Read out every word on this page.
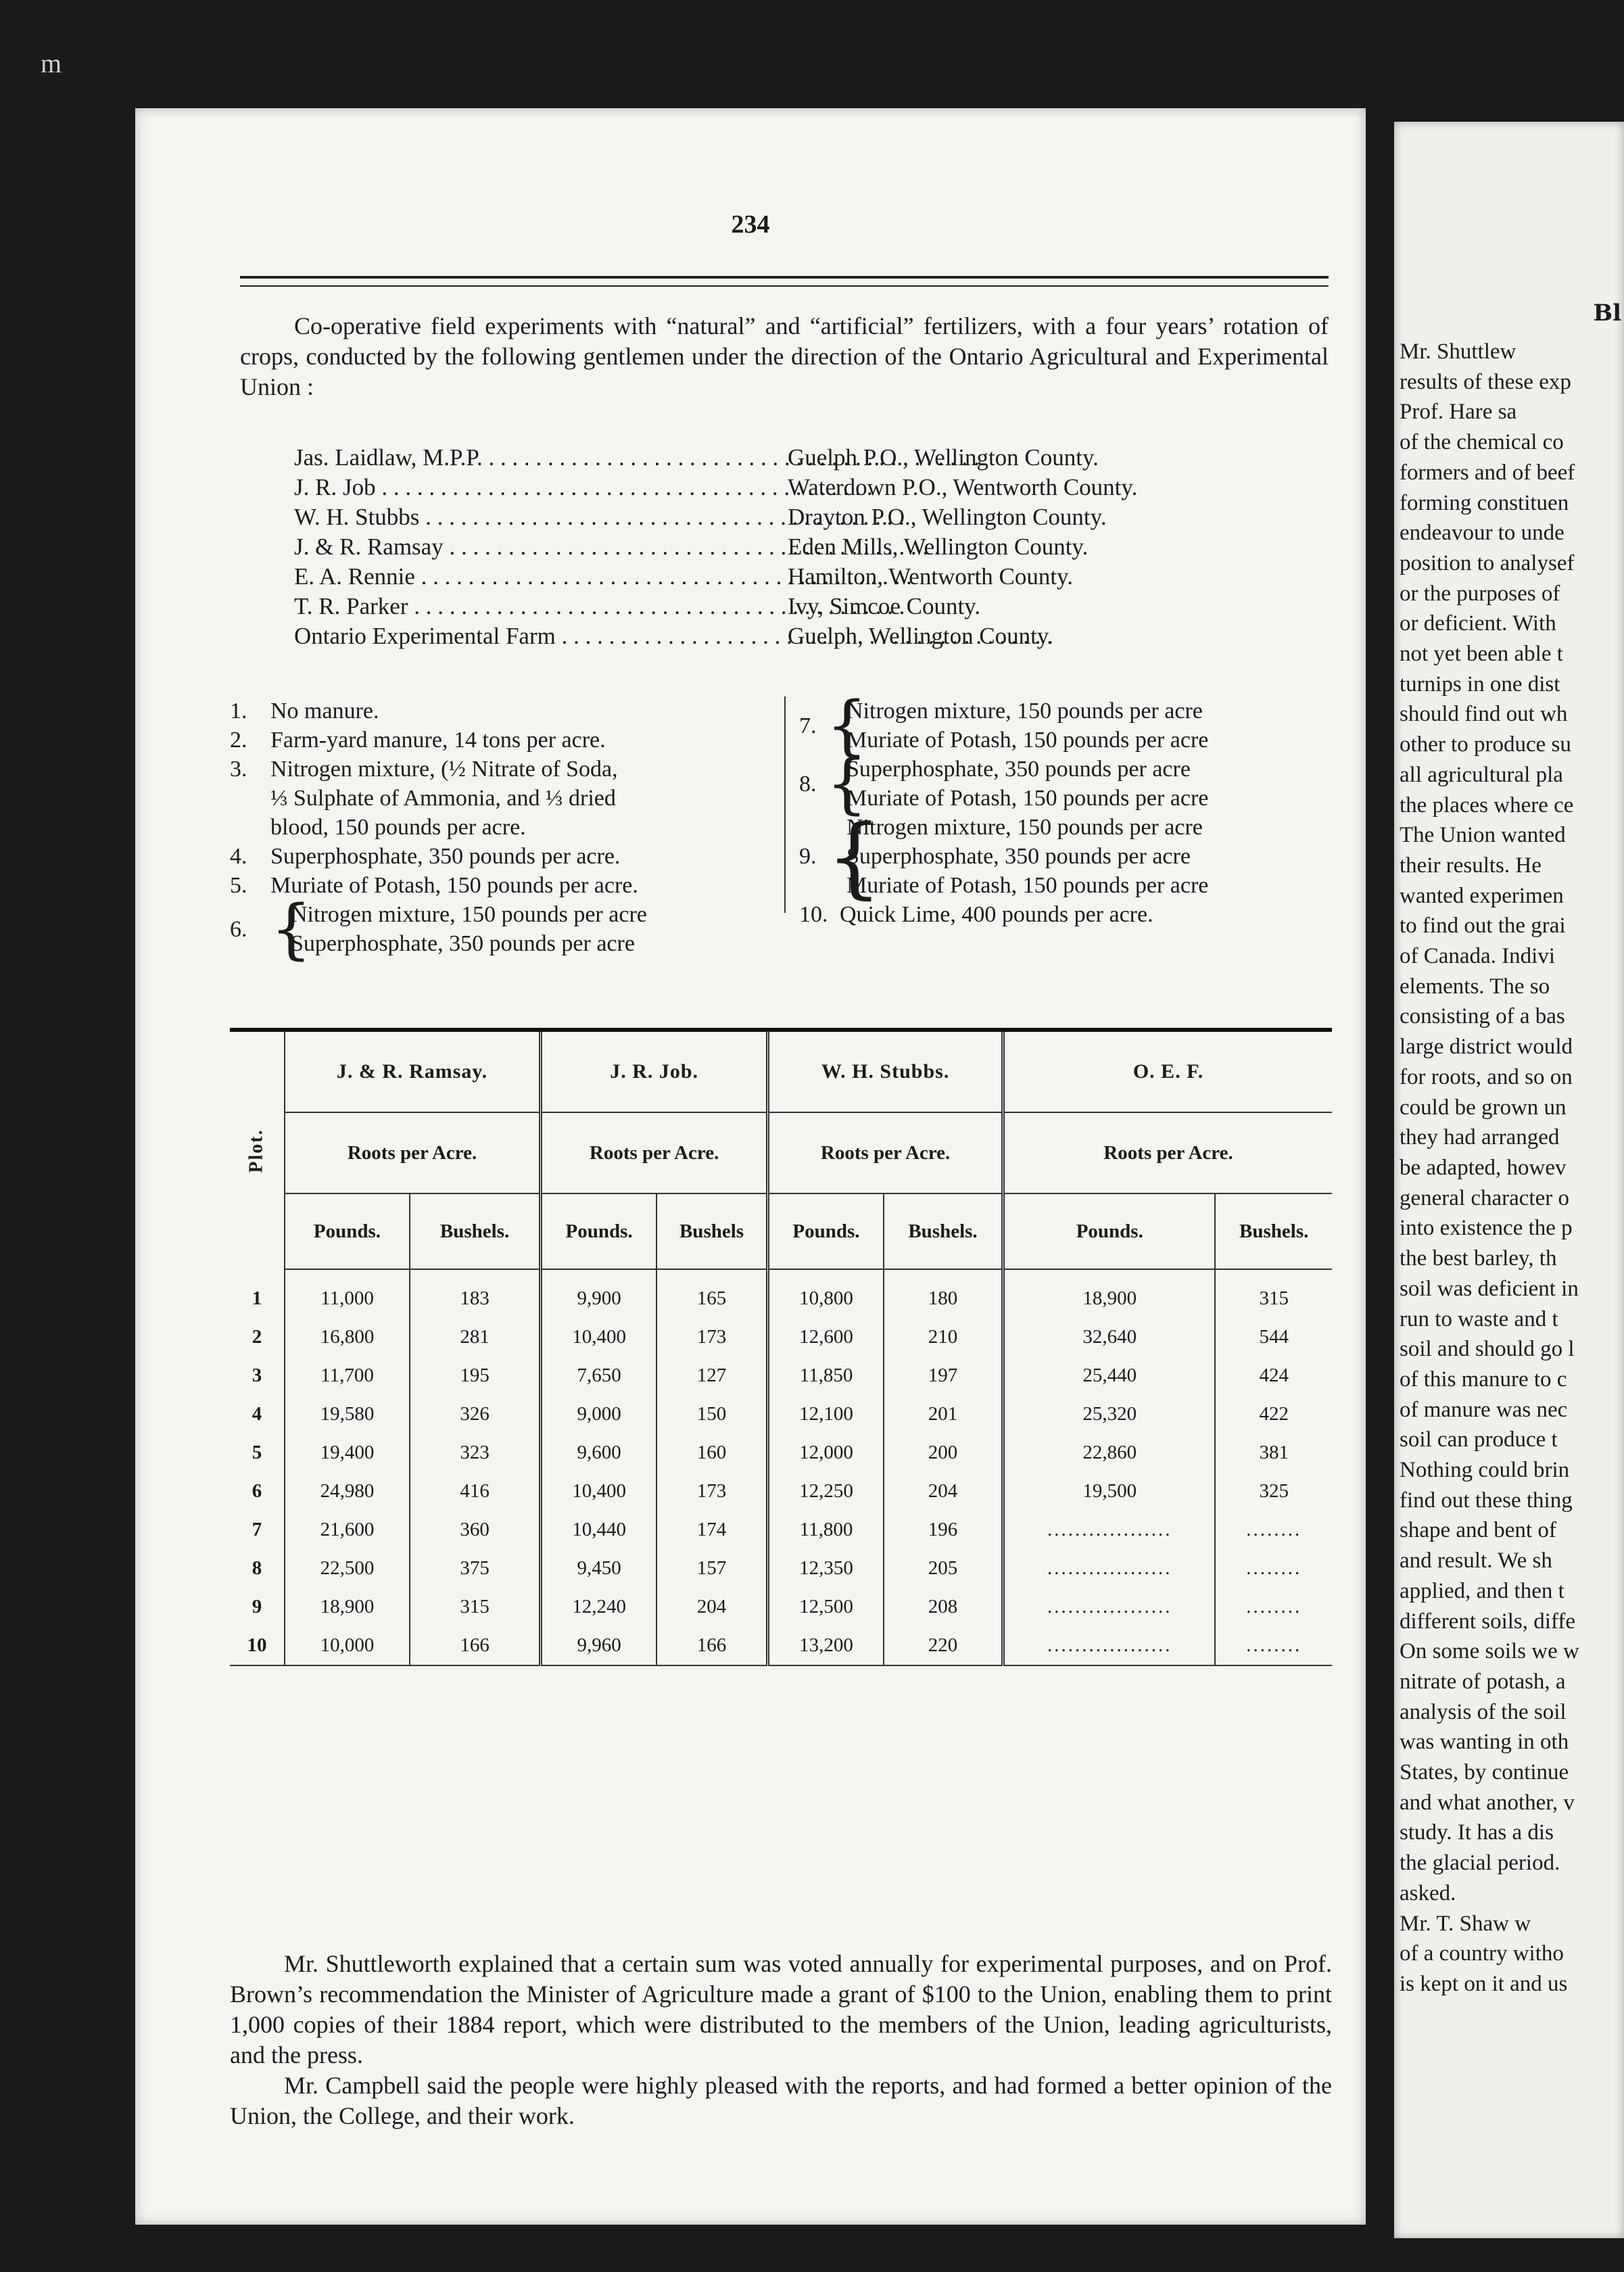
m
234
Co-operative field experiments with “natural” and “artificial” fertilizers, with a four years’ rotation of crops, conducted by the following gentlemen under the direction of the Ontario Agricultural and Experimental Union :
Jas. Laidlaw, M.P.P. . . .	Guelph P.O., Wellington County.
J. R. Job . . .	Waterdown P.O., Wentworth County.
W. H. Stubbs . . .	Drayton P.O., Wellington County.
J. & R. Ramsay . . .	Eden Mills, Wellington County.
E. A. Rennie . . .	Hamilton, Wentworth County.
T. R. Parker . . .	Ivy, Simcoe County.
Ontario Experimental Farm . . .	Guelph, Wellington County.
1.	No manure.
2.	Farm-yard manure, 14 tons per acre.
3.	Nitrogen mixture, (½ Nitrate of Soda,
⅓ Sulphate of Ammonia, and ⅓ dried
blood, 150 pounds per acre.
4.	Superphosphate, 350 pounds per acre.
5.	Muriate of Potash, 150 pounds per acre.
6. {
Nitrogen mixture, 150 pounds per acre
Superphosphate, 350 pounds per acre
7. {
Nitrogen mixture, 150 pounds per acre
Muriate of Potash, 150 pounds per acre
8. {
Superphosphate, 350 pounds per acre
Muriate of Potash, 150 pounds per acre
9. {
Nitrogen mixture, 150 pounds per acre
Superphosphate, 350 pounds per acre
Muriate of Potash, 150 pounds per acre
10. Quick Lime, 400 pounds per acre.
Plot.	J. & R. Ramsay.		J. R. Job.		W. H. Stubbs.		O. E. F.	
	Roots per Acre.		Roots per Acre.		Roots per Acre.		Roots per Acre.	
	Pounds.	Bushels.	Pounds.	Bushels	Pounds.	Bushels.	Pounds.	Bushels.
1	11,000	183	9,900	165	10,800	180	18,900	315
2	16,800	281	10,400	173	12,600	210	32,640	544
3	11,700	195	7,650	127	11,850	197	25,440	424
4	19,580	326	9,000	150	12,100	201	25,320	422
5	19,400	323	9,600	160	12,000	200	22,860	381
6	24,980	416	10,400	173	12,250	204	19,500	325
7	21,600	360	10,440	174	11,800	196	..................	........
8	22,500	375	9,450	157	12,350	205	..................	........
9	18,900	315	12,240	204	12,500	208	..................	........
10	10,000	166	9,960	166	13,200	220	..................	........

Mr. Shuttleworth explained that a certain sum was voted annually for experimental purposes, and on Prof. Brown’s recommendation the Minister of Agriculture made a grant of $100 to the Union, enabling them to print 1,000 copies of their 1884 report, which were distributed to the members of the Union, leading agriculturists, and the press.

Mr. Campbell said the people were highly pleased with the reports, and had formed a better opinion of the Union, the College, and their work.

Bl
Mr. Shuttlew
results of these exp
Prof. Hare sa
of the chemical co
formers and of beef
forming constituen
endeavour to unde
position to analysef
or the purposes of
or deficient. With
not yet been able t
turnips in one dist
should find out wh
other to produce su
all agricultural pla
the places where ce
The Union wanted
their results. He
wanted experimen
to find out the grai
of Canada. Indivi
elements. The so
consisting of a bas
large district would
for roots, and so on
could be grown un
they had arranged
be adapted, howev
general character o
into existence the p
the best barley, th
soil was deficient in
run to waste and t
soil and should go l
of this manure to c
of manure was nec
soil can produce t
Nothing could brin
find out these thing
shape and bent of
and result. We sh
applied, and then t
different soils, diffe
On some soils we w
nitrate of potash, a
analysis of the soil
was wanting in oth
States, by continue
and what another, v
study. It has a dis
the glacial period.
asked.
Mr. T. Shaw w
of a country witho
is kept on it and us
